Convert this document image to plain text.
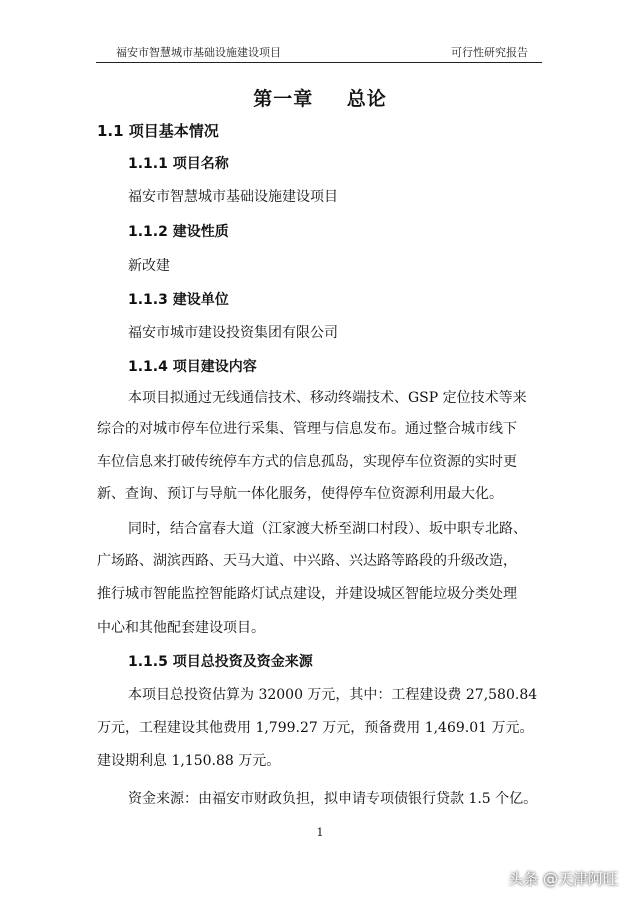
福安市智慧城市基础设施建设项目	可行性研究报告
第一章 总论
1.1 项目基本情况
1.1.1 项目名称
福安市智慧城市基础设施建设项目
1.1.2 建设性质
新改建
1.1.3 建设单位
福安市城市建设投资集团有限公司
1.1.4 项目建设内容
本项目拟通过无线通信技术、移动终端技术、GSP 定位技术等来
综合的对城市停车位进行采集、管理与信息发布。通过整合城市线下
车位信息来打破传统停车方式的信息孤岛，实现停车位资源的实时更
新、查询、预订与导航一体化服务，使得停车位资源利用最大化。
同时，结合富春大道（江家渡大桥至湖口村段）、坂中职专北路、
广场路、湖滨西路、天马大道、中兴路、兴达路等路段的升级改造，
推行城市智能监控智能路灯试点建设，并建设城区智能垃圾分类处理
中心和其他配套建设项目。
1.1.5 项目总投资及资金来源
本项目总投资估算为 32000 万元，其中：工程建设费 27,580.84
万元，工程建设其他费用 1,799.27 万元，预备费用 1,469.01 万元。
建设期利息 1,150.88 万元。
资金来源：由福安市财政负担，拟申请专项债银行贷款 1.5 个亿。
1
头条 @天津阿旺
